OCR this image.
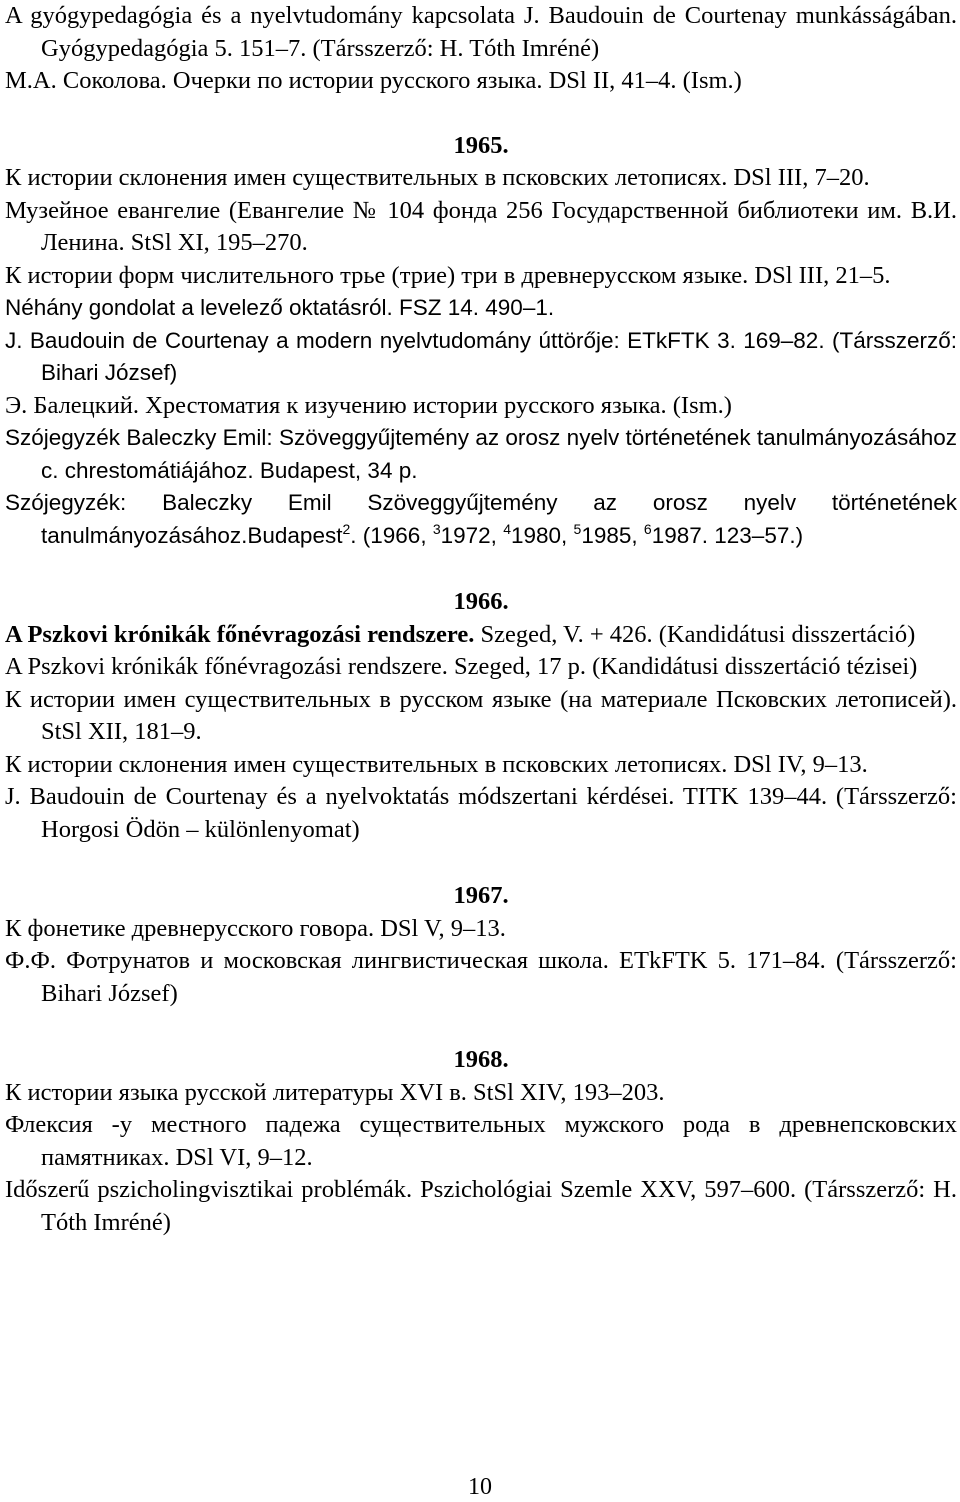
A gyógypedagógia és a nyelvtudomány kapcsolata J. Baudouin de Courtenay munkásságában. Gyógypedagógia 5. 151–7. (Társszerző: H. Tóth Imréné)
М.А. Соколова. Очерки по истории русского языка. DSl II, 41–4. (Ism.)
1965.
К истории склонения имен существительных в псковских летописях. DSl III, 7–20.
Музейное евангелие (Евангелие № 104 фонда 256 Государственной библиотеки им. В.И. Ленина. StSl XI, 195–270.
К истории форм числительного трье (трие) три в древнерусском языке. DSl III, 21–5.
Néhány gondolat a levelező oktatásról. FSZ 14. 490–1.
J. Baudouin de Courtenay a modern nyelvtudomány úttörője: ETkFTK 3. 169–82. (Társszerző: Bihari József)
Э. Балецкий. Хрестоматия к изучению истории русского языка. (Ism.)
Szójegyzék Baleczky Emil: Szöveggyűjtemény az orosz nyelv történetének tanulmányozásához c. chrestomátiájához. Budapest, 34 p.
Szójegyzék: Baleczky Emil Szöveggyűjtemény az orosz nyelv történetének tanulmányozásához.Budapest$^2$. (1966, $^3$1972, $^4$1980, $^5$1985, $^6$1987. 123–57.)
1966.
A Pszkovi krónikák főnévragozási rendszere. Szeged, V. + 426. (Kandidátusi disszertáció)
A Pszkovi krónikák főnévragozási rendszere. Szeged, 17 p. (Kandidátusi disszertáció tézisei)
К истории имен существительных в русском языке (на материале Псковских летописей). StSl XII, 181–9.
К истории склонения имен существительных в псковских летописях. DSl IV, 9–13.
J. Baudouin de Courtenay és a nyelvoktatás módszertani kérdései. TITK 139–44. (Társszerző: Horgosi Ödön – különlenyomat)
1967.
К фонетике древнерусского говора. DSl V, 9–13.
Ф.Ф. Фотрунатов и московская лингвистическая школа. ETkFTK 5. 171–84. (Társszerző: Bihari József)
1968.
К истории языка русской литературы XVI в. StSl XIV, 193–203.
Флексия -у местного падежа существительных мужского рода в древнепсковских памятниках. DSl VI, 9–12.
Időszerű pszicholingvisztikai problémák. Pszichológiai Szemle XXV, 597–600. (Társszerző: H. Tóth Imréné)
10
